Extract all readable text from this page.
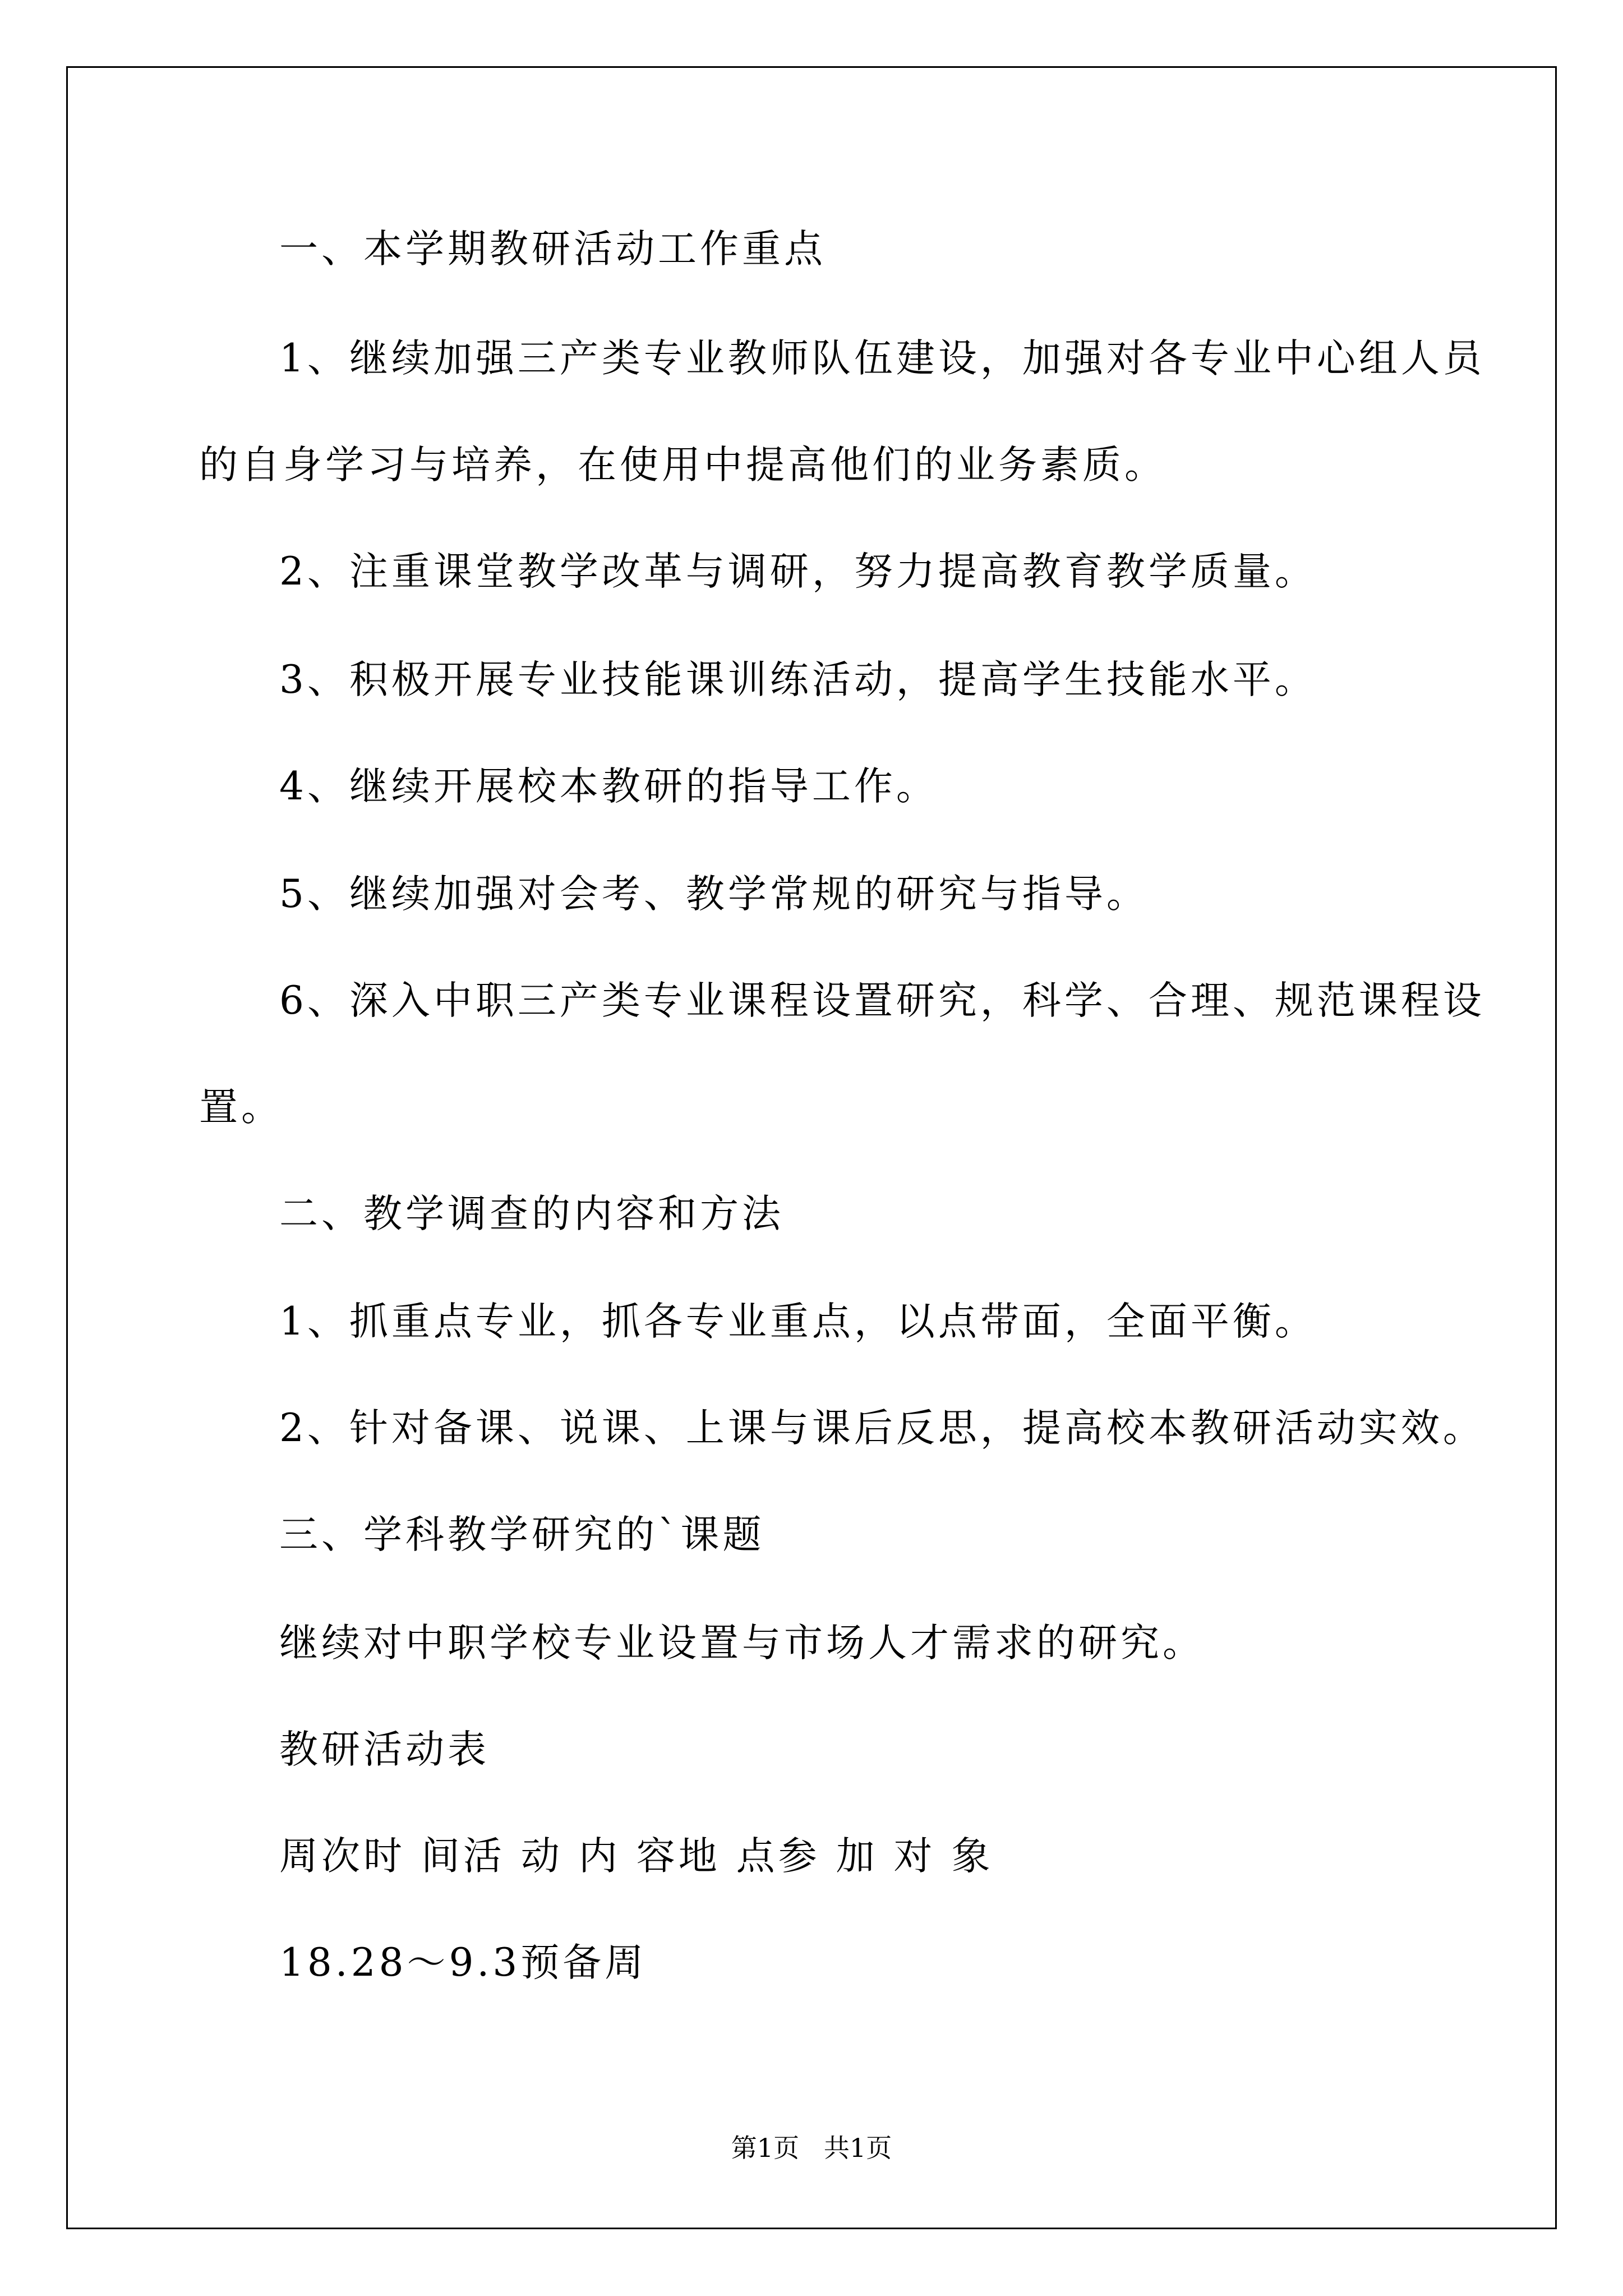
一、本学期教研活动工作重点
1、继续加强三产类专业教师队伍建设，加强对各专业中心组人员
的自身学习与培养，在使用中提高他们的业务素质。
2、注重课堂教学改革与调研，努力提高教育教学质量。
3、积极开展专业技能课训练活动，提高学生技能水平。
4、继续开展校本教研的指导工作。
5、继续加强对会考、教学常规的研究与指导。
6、深入中职三产类专业课程设置研究，科学、合理、规范课程设
置。
二、教学调查的内容和方法
1、抓重点专业，抓各专业重点，以点带面，全面平衡。
2、针对备课、说课、上课与课后反思，提高校本教研活动实效。
三、学科教学研究的`课题
继续对中职学校专业设置与市场人才需求的研究。
教研活动表
周次时 间活 动 内 容地 点参 加 对 象
18.28～9.3预备周
第1页   共1页
